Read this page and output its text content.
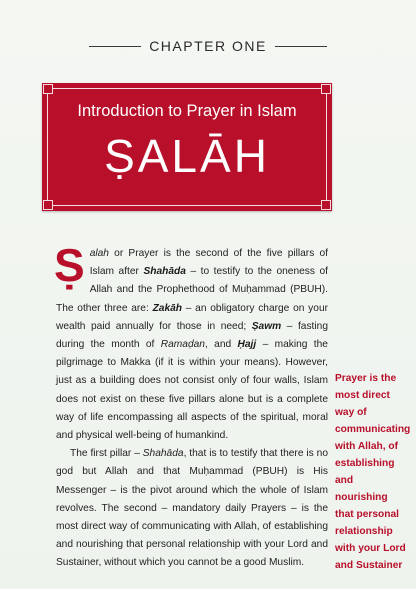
CHAPTER ONE
Introduction to Prayer in Islam
ṢALĀH

Ṣalah or Prayer is the second of the five pillars of Islam after Shahāda – to testify to the oneness of Allah and the Prophethood of Muḥammad (PBUH). The other three are: Zakāh – an obligatory charge on your wealth paid annually for those in need; Ṣawm – fasting during the month of Ramaḍan, and Ḥajj – making the pilgrimage to Makka (if it is within your means). However, just as a building does not consist only of four walls, Islam does not exist on these five pillars alone but is a complete way of life encompassing all aspects of the spiritual, moral and physical well-being of humankind.

The first pillar – Shahāda, that is to testify that there is no god but Allah and that Muḥammad (PBUH) is His Messenger – is the pivot around which the whole of Islam revolves. The second – mandatory daily Prayers – is the most direct way of communicating with Allah, of establishing and nourishing that personal relationship with your Lord and Sustainer, without which you cannot be a good Muslim.

Prayer is the most direct way of communicating with Allah, of establishing and nourishing that personal relationship with your Lord and Sustainer
